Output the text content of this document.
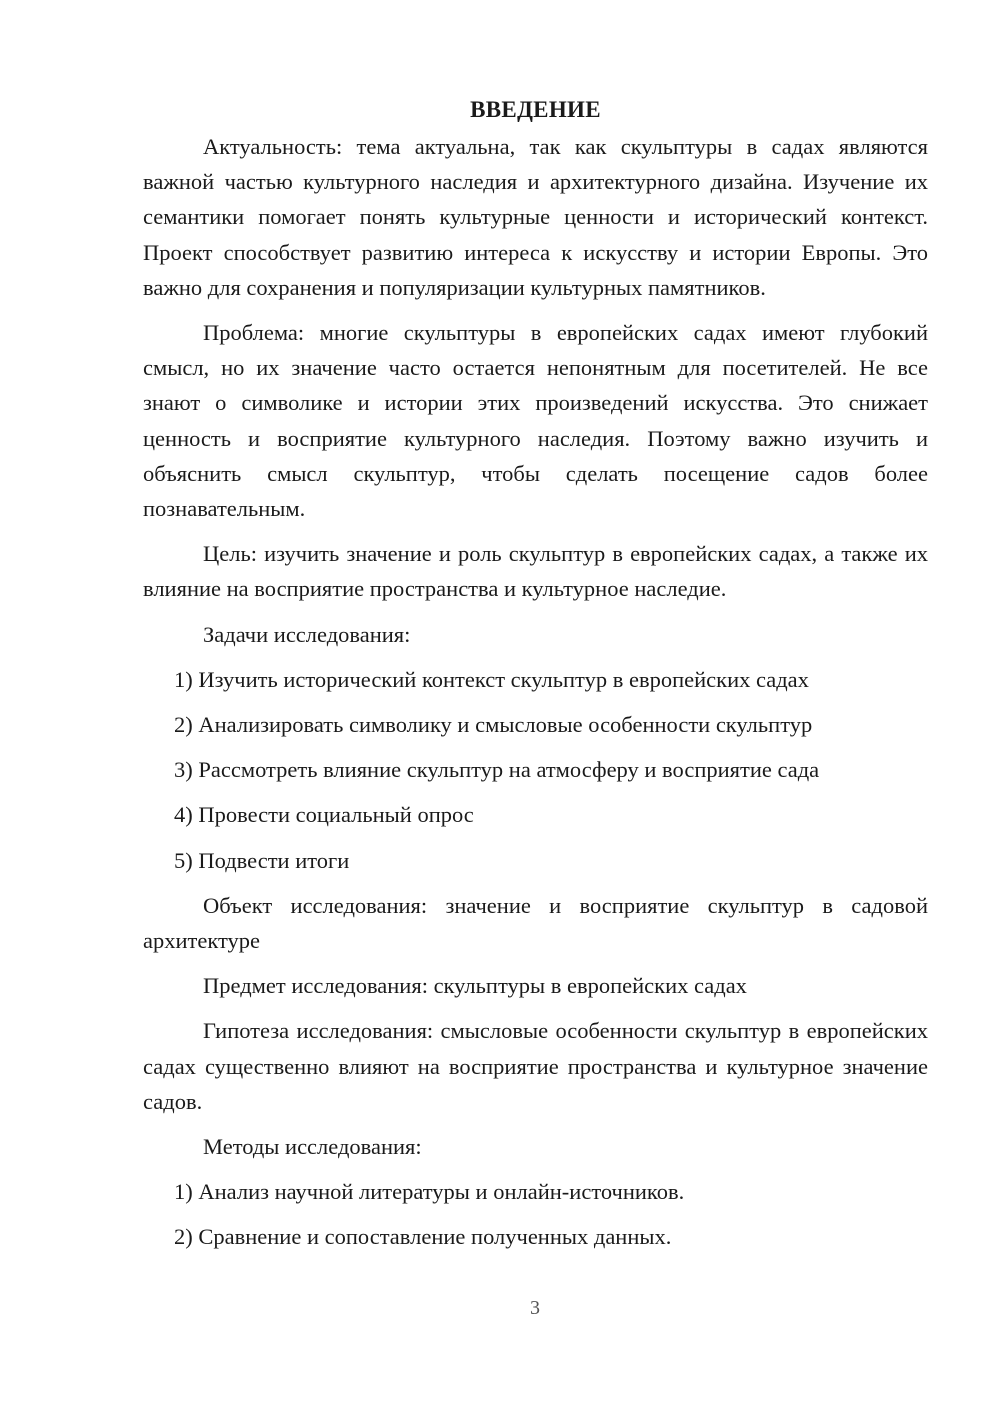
ВВЕДЕНИЕ

Актуальность: тема актуальна, так как скульптуры в садах являются важной частью культурного наследия и архитектурного дизайна. Изучение их семантики помогает понять культурные ценности и исторический контекст. Проект способствует развитию интереса к искусству и истории Европы. Это важно для сохранения и популяризации культурных памятников.

Проблема: многие скульптуры в европейских садах имеют глубокий смысл, но их значение часто остается непонятным для посетителей. Не все знают о символике и истории этих произведений искусства. Это снижает ценность и восприятие культурного наследия. Поэтому важно изучить и объяснить смысл скульптур, чтобы сделать посещение садов более познавательным.

Цель: изучить значение и роль скульптур в европейских садах, а также их влияние на восприятие пространства и культурное наследие.

Задачи исследования:

1) Изучить исторический контекст скульптур в европейских садах
2) Анализировать символику и смысловые особенности скульптур
3) Рассмотреть влияние скульптур на атмосферу и восприятие сада
4) Провести социальный опрос
5) Подвести итоги

Объект исследования: значение и восприятие скульптур в садовой архитектуре

Предмет исследования: скульптуры в европейских садах

Гипотеза исследования: смысловые особенности скульптур в европейских садах существенно влияют на восприятие пространства и культурное значение садов.

Методы исследования:

1) Анализ научной литературы и онлайн-источников.
2) Сравнение и сопоставление полученных данных.
3
